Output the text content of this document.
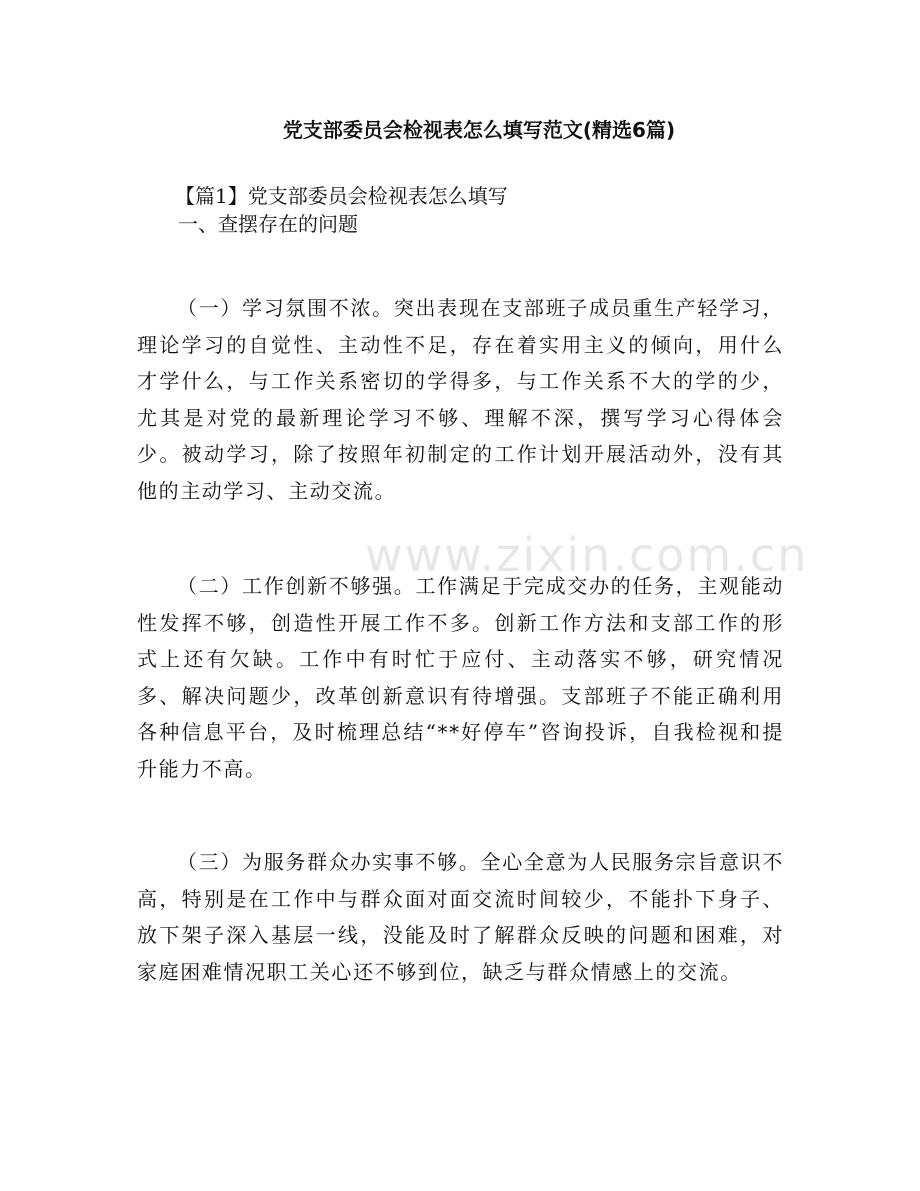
www.zixin.com.cn
党支部委员会检视表怎么填写范文(精选6篇)
【篇1】党支部委员会检视表怎么填写
一、查摆存在的问题
（一）学习氛围不浓。突出表现在支部班子成员重生产轻学习，理论学习的自觉性、主动性不足，存在着实用主义的倾向，用什么才学什么，与工作关系密切的学得多，与工作关系不大的学的少，尤其是对党的最新理论学习不够、理解不深，撰写学习心得体会少。被动学习，除了按照年初制定的工作计划开展活动外，没有其他的主动学习、主动交流。
（二）工作创新不够强。工作满足于完成交办的任务，主观能动性发挥不够，创造性开展工作不多。创新工作方法和支部工作的形式上还有欠缺。工作中有时忙于应付、主动落实不够，研究情况多、解决问题少，改革创新意识有待增强。支部班子不能正确利用各种信息平台，及时梳理总结“**好停车”咨询投诉，自我检视和提升能力不高。
（三）为服务群众办实事不够。全心全意为人民服务宗旨意识不高，特别是在工作中与群众面对面交流时间较少，不能扑下身子、放下架子深入基层一线，没能及时了解群众反映的问题和困难，对家庭困难情况职工关心还不够到位，缺乏与群众情感上的交流。
